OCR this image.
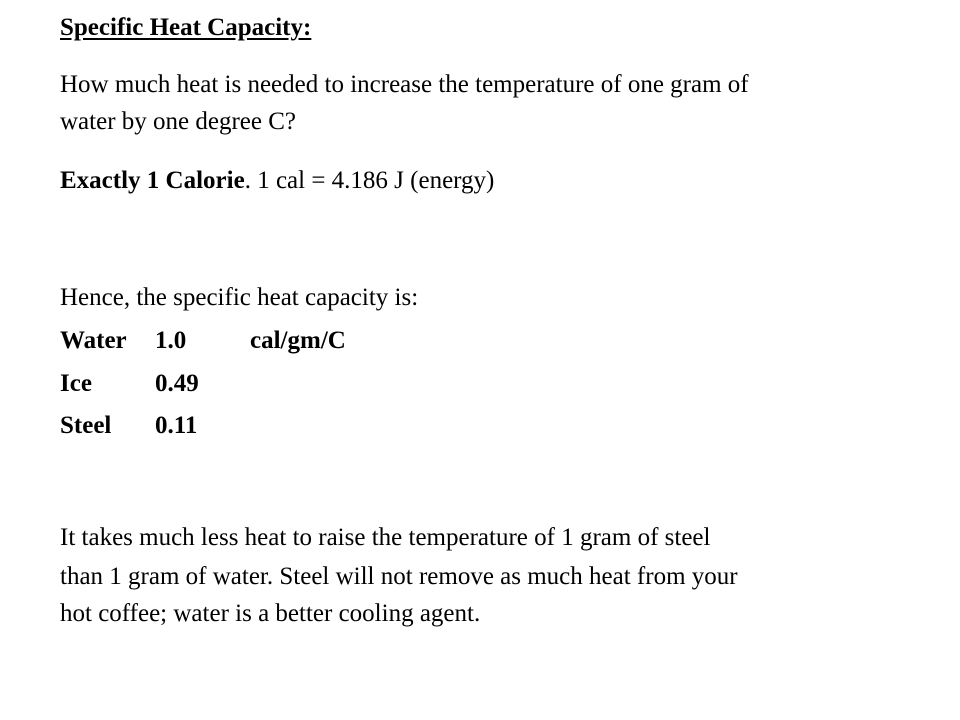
Specific Heat Capacity:
How much heat is needed to increase the temperature of one gram of
water by one degree C?
Exactly 1 Calorie. 1 cal = 4.186 J (energy)
Hence, the specific heat capacity is:
Water 1.0	cal/gm/C
Ice	0.49
Steel 0.11
It takes much less heat to raise the temperature of 1 gram of steel
than 1 gram of water. Steel will not remove as much heat from your
hot coffee; water is a better cooling agent.
